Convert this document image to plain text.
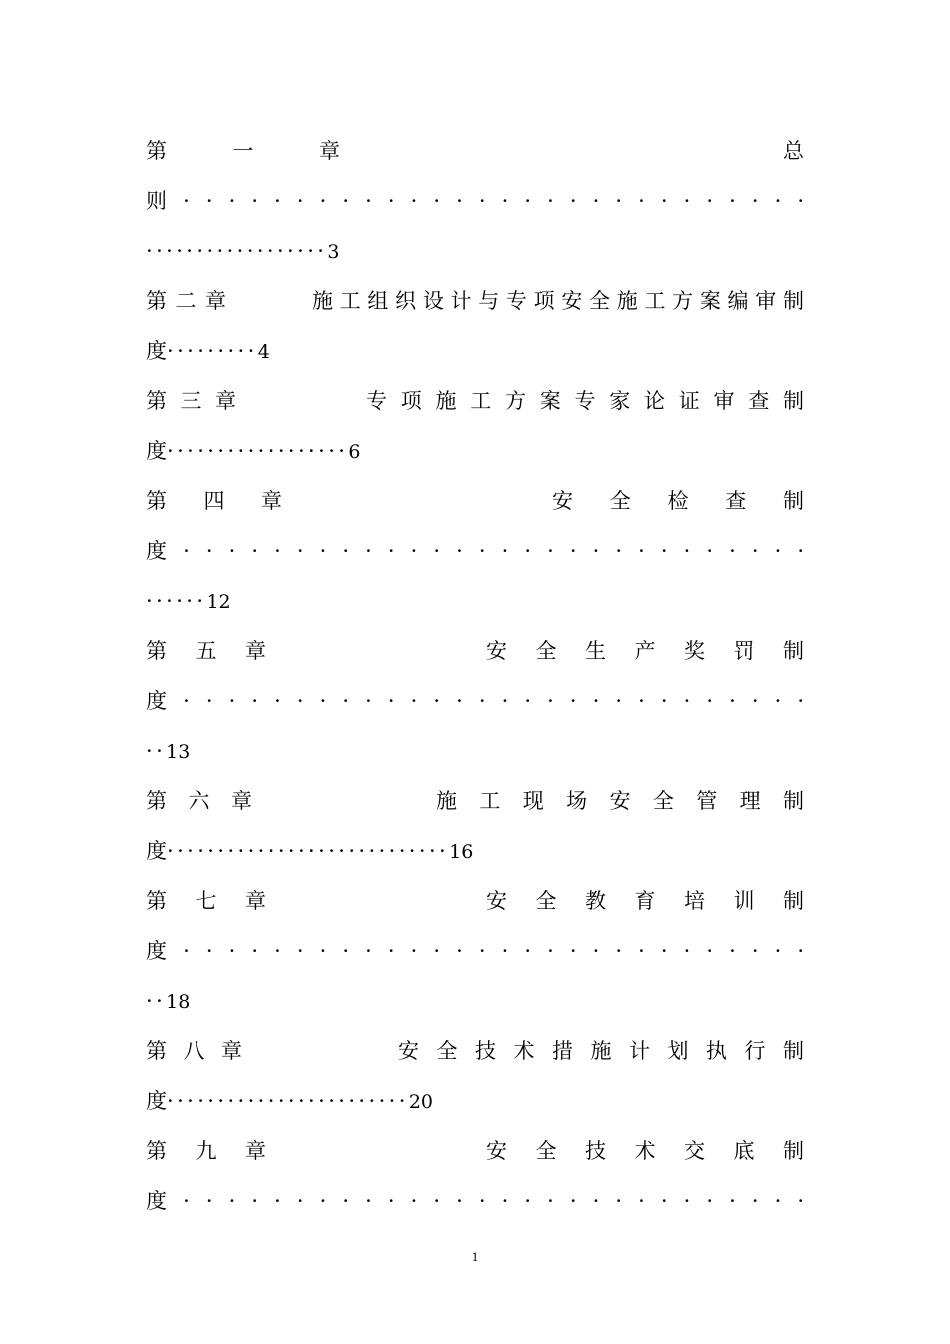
第	一	章	总
则 · · · · · · · · · · · · · · · · · · · · · · · · · · · ·
··················3
第 二 章	施 工 组 织 设 计 与 专 项 安 全 施 工 方 案 编 审 制
度·········4
第 三 章	专 项 施 工 方 案 专 家 论 证 审 查 制
度··················6
第 四 章	安 全 检 查 制
度 · · · · · · · · · · · · · · · · · · · · · · · · · · · ·
······12
第 五 章	安 全 生 产 奖 罚 制
度 · · · · · · · · · · · · · · · · · · · · · · · · · · · ·
··13
第 六 章	施 工 现 场 安 全 管 理 制
度····························16
第 七 章	安 全 教 育 培 训 制
度 · · · · · · · · · · · · · · · · · · · · · · · · · · · ·
··18
第 八 章	安 全 技 术 措 施 计 划 执 行 制
度························20
第 九 章	安 全 技 术 交 底 制
度 · · · · · · · · · · · · · · · · · · · · · · · · · · · ·
1
